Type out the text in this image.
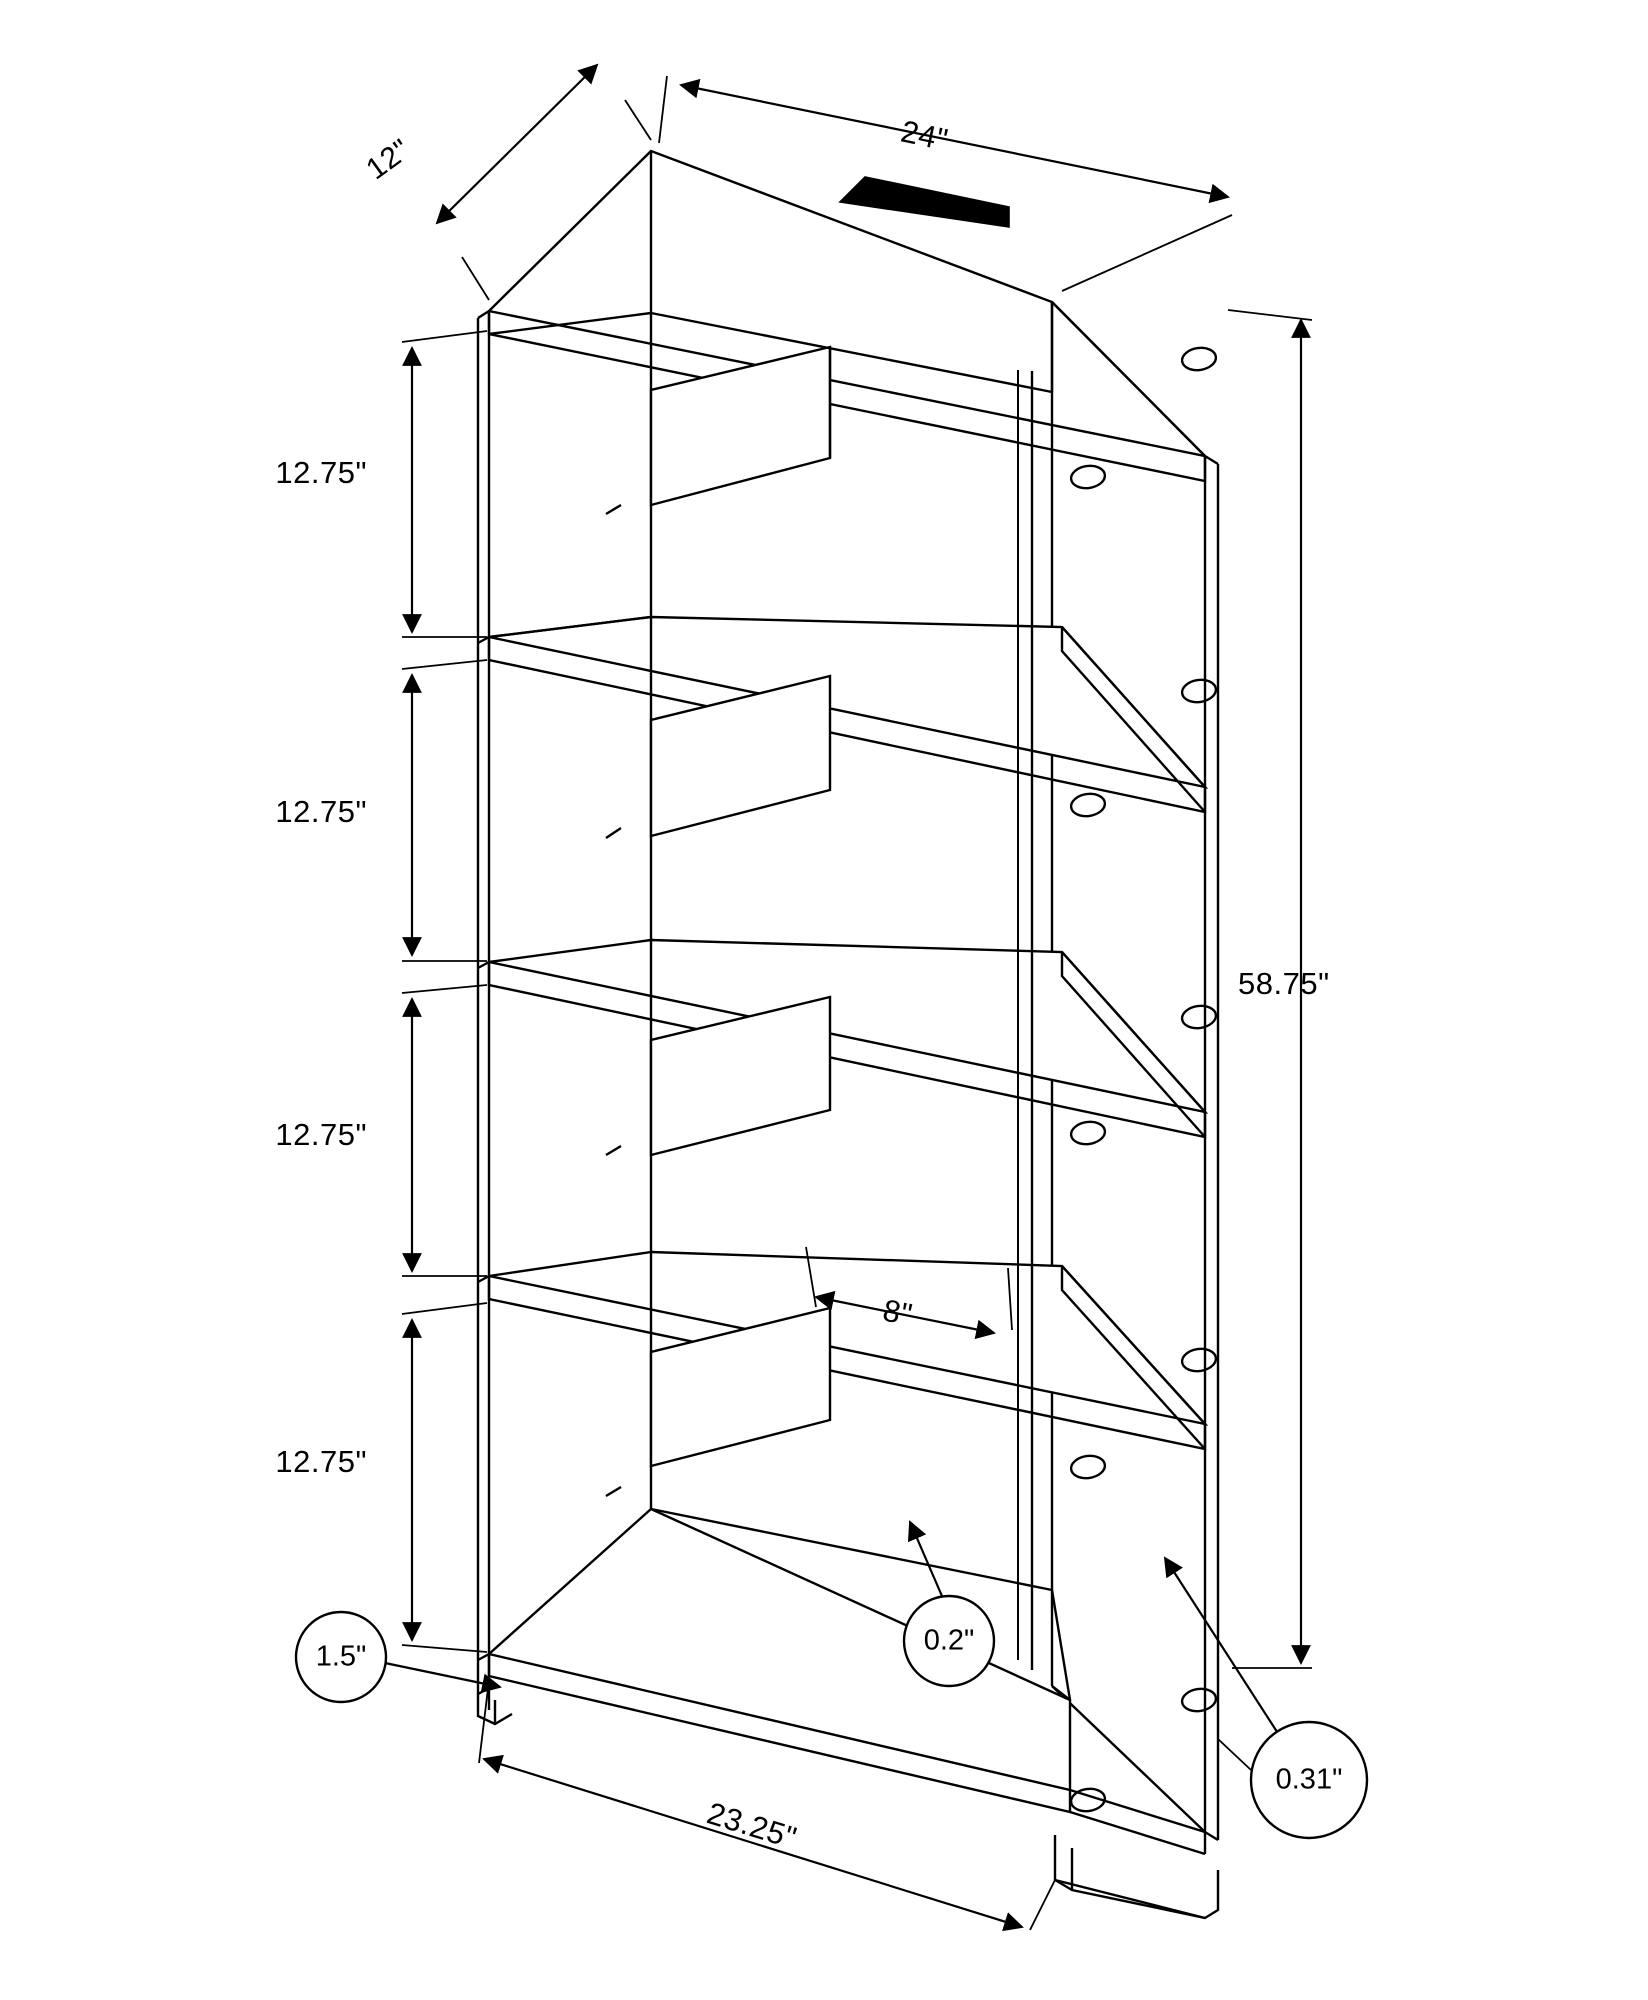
12"	24"
58.75"
12.75"
12.75"
12.75"
12.75"
8"
23.25"
0.2"
1.5"
0.31"
